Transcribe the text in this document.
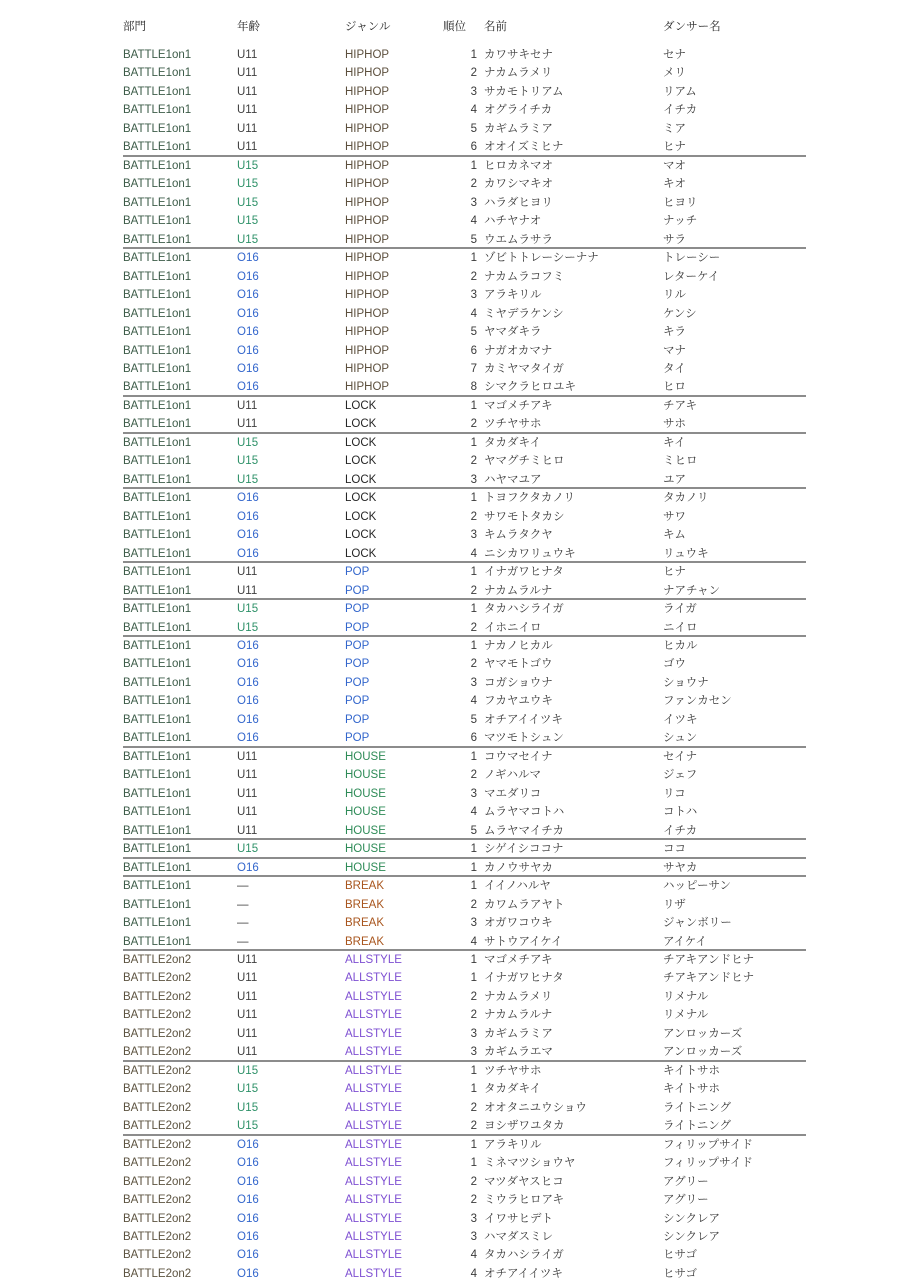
部門	年齢	ジャンル	順位	名前	ダンサー名
BATTLE1on1	U11	HIPHOP	1 カワサキセナ	セナ
BATTLE1on1	U11	HIPHOP	2 ナカムラメリ	メリ
BATTLE1on1	U11	HIPHOP	3 サカモトリアム	リアム
BATTLE1on1	U11	HIPHOP	4 オグライチカ	イチカ
BATTLE1on1	U11	HIPHOP	5 カギムラミア	ミア
BATTLE1on1	U11	HIPHOP	6 オオイズミヒナ	ヒナ
BATTLE1on1	U15	HIPHOP	1 ヒロカネマオ	マオ
BATTLE1on1	U15	HIPHOP	2 カワシマキオ	キオ
BATTLE1on1	U15	HIPHOP	3 ハラダヒヨリ	ヒヨリ
BATTLE1on1	U15	HIPHOP	4 ハチヤナオ	ナッチ
BATTLE1on1	U15	HIPHOP	5 ウエムラサラ	サラ
BATTLE1on1	O16	HIPHOP	1 ゾビトトレーシーナナ	トレーシー
BATTLE1on1	O16	HIPHOP	2 ナカムラコフミ	レターケイ
BATTLE1on1	O16	HIPHOP	3 アラキリル	リル
BATTLE1on1	O16	HIPHOP	4 ミヤデラケンシ	ケンシ
BATTLE1on1	O16	HIPHOP	5 ヤマダキラ	キラ
BATTLE1on1	O16	HIPHOP	6 ナガオカマナ	マナ
BATTLE1on1	O16	HIPHOP	7 カミヤマタイガ	タイ
BATTLE1on1	O16	HIPHOP	8 シマクラヒロユキ	ヒロ
BATTLE1on1	U11	LOCK	1 マゴメチアキ	チアキ
BATTLE1on1	U11	LOCK	2 ツチヤサホ	サホ
BATTLE1on1	U15	LOCK	1 タカダキイ	キイ
BATTLE1on1	U15	LOCK	2 ヤマグチミヒロ	ミヒロ
BATTLE1on1	U15	LOCK	3 ハヤマユア	ユア
BATTLE1on1	O16	LOCK	1 トヨフクタカノリ	タカノリ
BATTLE1on1	O16	LOCK	2 サワモトタカシ	サワ
BATTLE1on1	O16	LOCK	3 キムラタクヤ	キム
BATTLE1on1	O16	LOCK	4 ニシカワリュウキ	リュウキ
BATTLE1on1	U11	POP	1 イナガワヒナタ	ヒナ
BATTLE1on1	U11	POP	2 ナカムラルナ	ナアチャン
BATTLE1on1	U15	POP	1 タカハシライガ	ライガ
BATTLE1on1	U15	POP	2 イホニイロ	ニイロ
BATTLE1on1	O16	POP	1 ナカノヒカル	ヒカル
BATTLE1on1	O16	POP	2 ヤマモトゴウ	ゴウ
BATTLE1on1	O16	POP	3 コガショウナ	ショウナ
BATTLE1on1	O16	POP	4 フカヤユウキ	ファンカセン
BATTLE1on1	O16	POP	5 オチアイイツキ	イツキ
BATTLE1on1	O16	POP	6 マツモトシュン	シュン
BATTLE1on1	U11	HOUSE	1 コウマセイナ	セイナ
BATTLE1on1	U11	HOUSE	2 ノギハルマ	ジェフ
BATTLE1on1	U11	HOUSE	3 マエダリコ	リコ
BATTLE1on1	U11	HOUSE	4 ムラヤマコトハ	コトハ
BATTLE1on1	U11	HOUSE	5 ムラヤマイチカ	イチカ
BATTLE1on1	U15	HOUSE	1 シゲイシココナ	ココ
BATTLE1on1	O16	HOUSE	1 カノウサヤカ	サヤカ
BATTLE1on1	—	BREAK	1 イイノハルヤ	ハッピーサン
BATTLE1on1	—	BREAK	2 カワムラアヤト	リザ
BATTLE1on1	—	BREAK	3 オガワコウキ	ジャンボリー
BATTLE1on1	—	BREAK	4 サトウアイケイ	アイケイ
BATTLE2on2	U11	ALLSTYLE	1 マゴメチアキ	チアキアンドヒナ
BATTLE2on2	U11	ALLSTYLE	1 イナガワヒナタ	チアキアンドヒナ
BATTLE2on2	U11	ALLSTYLE	2 ナカムラメリ	リメナル
BATTLE2on2	U11	ALLSTYLE	2 ナカムラルナ	リメナル
BATTLE2on2	U11	ALLSTYLE	3 カギムラミア	アンロッカーズ
BATTLE2on2	U11	ALLSTYLE	3 カギムラエマ	アンロッカーズ
BATTLE2on2	U15	ALLSTYLE	1 ツチヤサホ	キイトサホ
BATTLE2on2	U15	ALLSTYLE	1 タカダキイ	キイトサホ
BATTLE2on2	U15	ALLSTYLE	2 オオタニユウショウ	ライトニング
BATTLE2on2	U15	ALLSTYLE	2 ヨシザワユタカ	ライトニング
BATTLE2on2	O16	ALLSTYLE	1 アラキリル	フィリップサイド
BATTLE2on2	O16	ALLSTYLE	1 ミネマツショウヤ	フィリップサイド
BATTLE2on2	O16	ALLSTYLE	2 マツダヤスヒコ	アグリー
BATTLE2on2	O16	ALLSTYLE	2 ミウラヒロアキ	アグリー
BATTLE2on2	O16	ALLSTYLE	3 イワサヒデト	シンクレア
BATTLE2on2	O16	ALLSTYLE	3 ハマダスミレ	シンクレア
BATTLE2on2	O16	ALLSTYLE	4 タカハシライガ	ヒサゴ
BATTLE2on2	O16	ALLSTYLE	4 オチアイイツキ	ヒサゴ
